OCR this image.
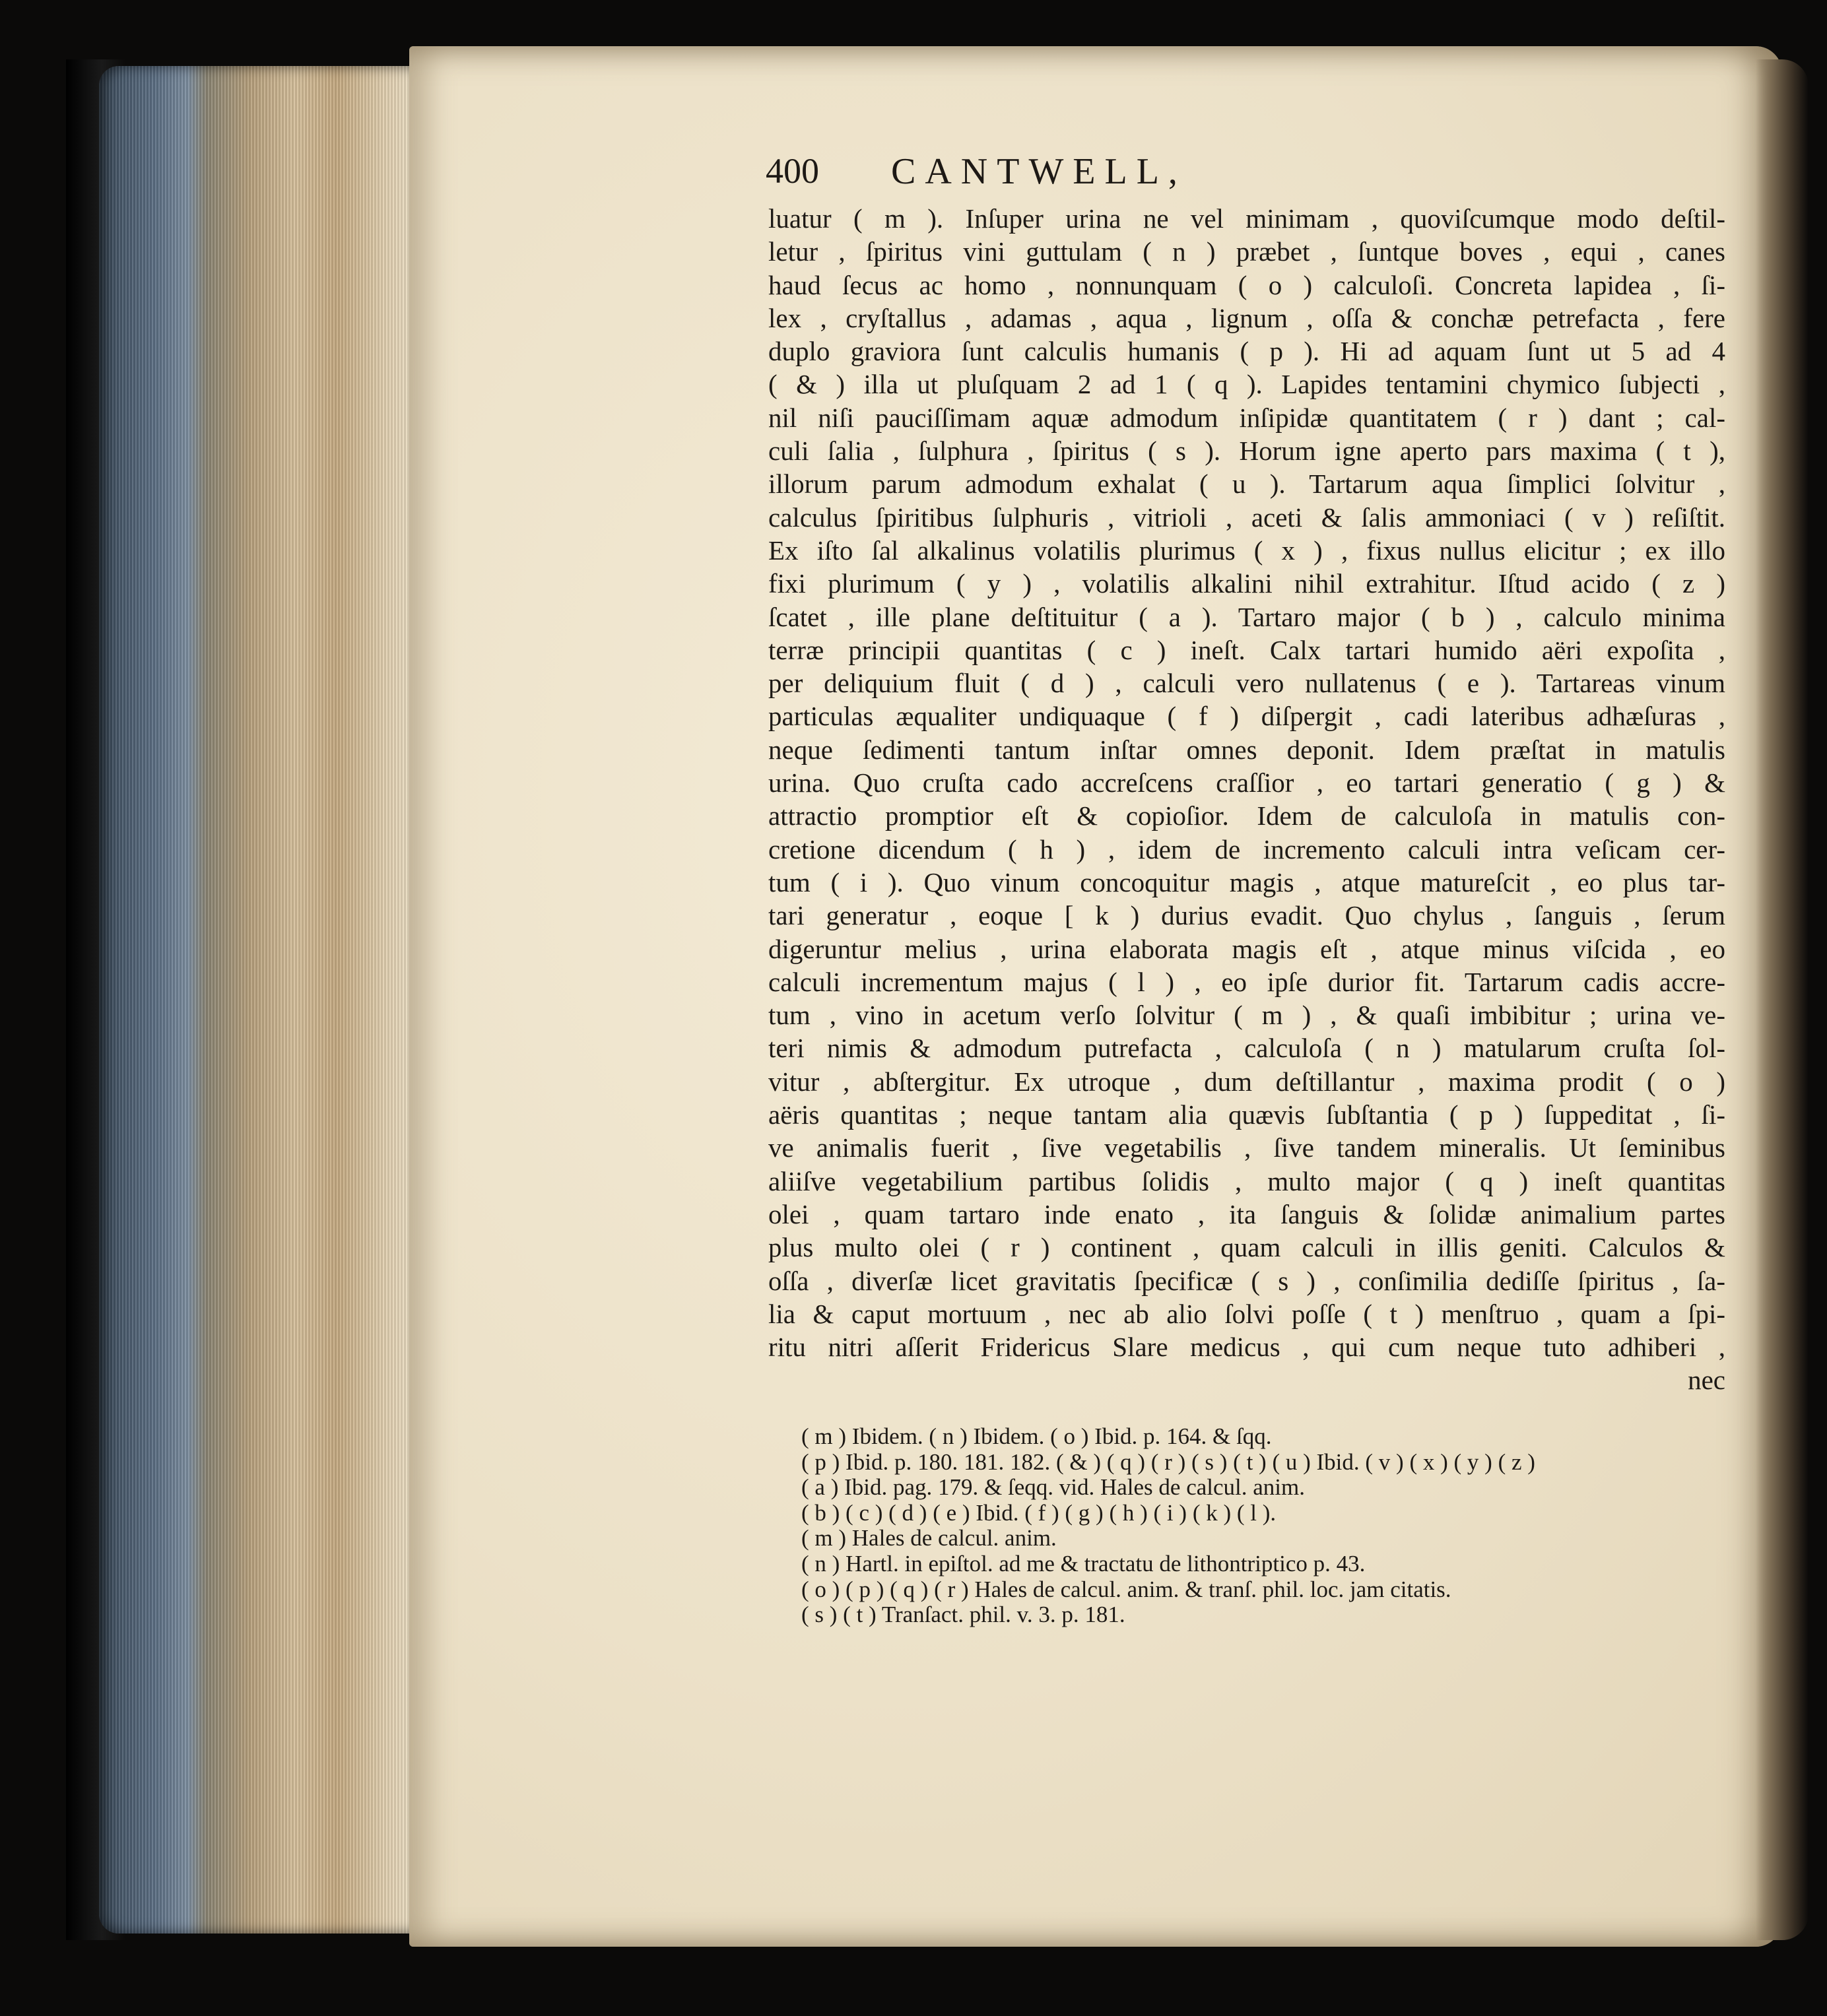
400 CANTWELL,
luatur ( m ). Inſuper urina ne vel minimam , quoviſcumque modo deſtil-
letur , ſpiritus vini guttulam ( n ) præbet , ſuntque boves , equi , canes
haud ſecus ac homo , nonnunquam ( o ) calculoſi. Concreta lapidea , ſi-
lex , cryſtallus , adamas , aqua , lignum , oſſa & conchæ petrefacta , fere
duplo graviora ſunt calculis humanis ( p ). Hi ad aquam ſunt ut 5 ad 4
( & ) illa ut pluſquam 2 ad 1 ( q ). Lapides tentamini chymico ſubjecti ,
nil niſi pauciſſimam aquæ admodum inſipidæ quantitatem ( r ) dant ; cal-
culi ſalia , ſulphura , ſpiritus ( s ). Horum igne aperto pars maxima ( t ),
illorum parum admodum exhalat ( u ). Tartarum aqua ſimplici ſolvitur ,
calculus ſpiritibus ſulphuris , vitrioli , aceti & ſalis ammoniaci ( v ) reſiſtit.
Ex iſto ſal alkalinus volatilis plurimus ( x ) , fixus nullus elicitur ; ex illo
fixi plurimum ( y ) , volatilis alkalini nihil extrahitur. Iſtud acido ( z )
ſcatet , ille plane deſtituitur ( a ). Tartaro major ( b ) , calculo minima
terræ principii quantitas ( c ) ineſt. Calx tartari humido aëri expoſita ,
per deliquium fluit ( d ) , calculi vero nullatenus ( e ). Tartareas vinum
particulas æqualiter undiquaque ( f ) diſpergit , cadi lateribus adhæſuras ,
neque ſedimenti tantum inſtar omnes deponit. Idem præſtat in matulis
urina. Quo cruſta cado accreſcens craſſior , eo tartari generatio ( g ) &
attractio promptior eſt & copioſior. Idem de calculoſa in matulis con-
cretione dicendum ( h ) , idem de incremento calculi intra veſicam cer-
tum ( i ). Quo vinum concoquitur magis , atque matureſcit , eo plus tar-
tari generatur , eoque [ k ) durius evadit. Quo chylus , ſanguis , ſerum
digeruntur melius , urina elaborata magis eſt , atque minus viſcida , eo
calculi incrementum majus ( l ) , eo ipſe durior fit. Tartarum cadis accre-
tum , vino in acetum verſo ſolvitur ( m ) , & quaſi imbibitur ; urina ve-
teri nimis & admodum putrefacta , calculoſa ( n ) matularum cruſta ſol-
vitur , abſtergitur. Ex utroque , dum deſtillantur , maxima prodit ( o )
aëris quantitas ; neque tantam alia quævis ſubſtantia ( p ) ſuppeditat , ſi-
ve animalis fuerit , ſive vegetabilis , ſive tandem mineralis. Ut ſeminibus
aliiſve vegetabilium partibus ſolidis , multo major ( q ) ineſt quantitas
olei , quam tartaro inde enato , ita ſanguis & ſolidæ animalium partes
plus multo olei ( r ) continent , quam calculi in illis geniti. Calculos &
oſſa , diverſæ licet gravitatis ſpecificæ ( s ) , conſimilia dediſſe ſpiritus , ſa-
lia & caput mortuum , nec ab alio ſolvi poſſe ( t ) menſtruo , quam a ſpi-
ritu nitri aſſerit Fridericus Slare medicus , qui cum neque tuto adhiberi ,
nec
( m ) Ibidem. ( n ) Ibidem. ( o ) Ibid. p. 164. & ſqq.
( p ) Ibid. p. 180. 181. 182. ( & ) ( q ) ( r ) ( s ) ( t ) ( u ) Ibid. ( v ) ( x ) ( y ) ( z )
( a ) Ibid. pag. 179. & ſeqq. vid. Hales de calcul. anim.
( b ) ( c ) ( d ) ( e ) Ibid. ( f ) ( g ) ( h ) ( i ) ( k ) ( l ).
( m ) Hales de calcul. anim.
( n ) Hartl. in epiſtol. ad me & tractatu de lithontriptico p. 43.
( o ) ( p ) ( q ) ( r ) Hales de calcul. anim. & tranſ. phil. loc. jam citatis.
( s ) ( t ) Tranſact. phil. v. 3. p. 181.
